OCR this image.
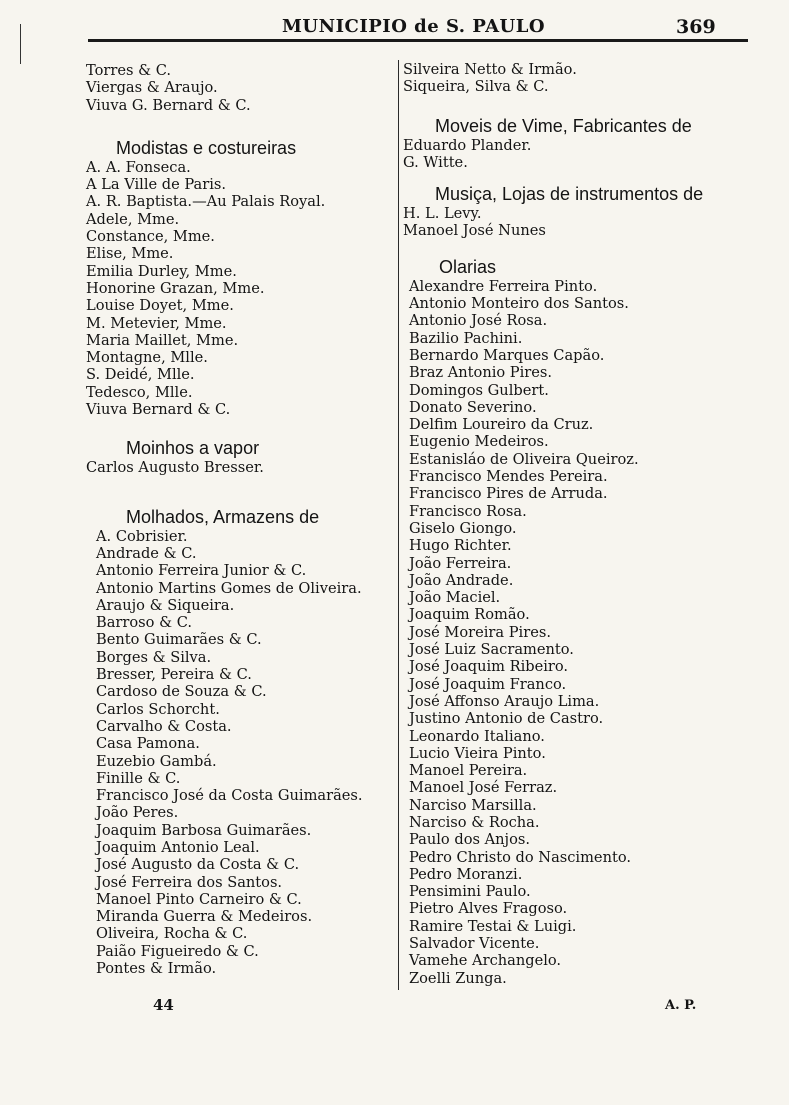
MUNICIPIO de S. PAULO	369
Torres & C.
Viergas & Araujo.
Viuva G. Bernard & C.
Modistas e costureiras
A. A. Fonseca.
A La Ville de Paris.
A. R. Baptista.—Au Palais Royal.
Adele, Mme.
Constance, Mme.
Elise, Mme.
Emilia Durley, Mme.
Honorine Grazan, Mme.
Louise Doyet, Mme.
M. Metevier, Mme.
Maria Maillet, Mme.
Montagne, Mlle.
S. Deidé, Mlle.
Tedesco, Mlle.
Viuva Bernard & C.
Moinhos a vapor
Carlos Augusto Bresser.
Molhados, Armazens de
A. Cobrisier.
Andrade & C.
Antonio Ferreira Junior & C.
Antonio Martins Gomes de Oliveira.
Araujo & Siqueira.
Barroso & C.
Bento Guimarães & C.
Borges & Silva.
Bresser, Pereira & C.
Cardoso de Souza & C.
Carlos Schorcht.
Carvalho & Costa.
Casa Pamona.
Euzebio Gambá.
Finille & C.
Francisco José da Costa Guimarães.
João Peres.
Joaquim Barbosa Guimarães.
Joaquim Antonio Leal.
José Augusto da Costa & C.
José Ferreira dos Santos.
Manoel Pinto Carneiro & C.
Miranda Guerra & Medeiros.
Oliveira, Rocha & C.
Paião Figueiredo & C.
Pontes & Irmão.
Silveira Netto & Irmão.
Siqueira, Silva & C.
Moveis de Vime, Fabricantes de
Eduardo Plander.
G. Witte.
Musiça, Lojas de instrumentos de
H. L. Levy.
Manoel José Nunes
Olarias
Alexandre Ferreira Pinto.
Antonio Monteiro dos Santos.
Antonio José Rosa.
Bazilio Pachini.
Bernardo Marques Capão.
Braz Antonio Pires.
Domingos Gulbert.
Donato Severino.
Delfim Loureiro da Cruz.
Eugenio Medeiros.
Estanisláo de Oliveira Queiroz.
Francisco Mendes Pereira.
Francisco Pires de Arruda.
Francisco Rosa.
Giselo Giongo.
Hugo Richter.
João Ferreira.
João Andrade.
João Maciel.
Joaquim Romão.
José Moreira Pires.
José Luiz Sacramento.
José Joaquim Ribeiro.
José Joaquim Franco.
José Affonso Araujo Lima.
Justino Antonio de Castro.
Leonardo Italiano.
Lucio Vieira Pinto.
Manoel Pereira.
Manoel José Ferraz.
Narciso Marsilla.
Narciso & Rocha.
Paulo dos Anjos.
Pedro Christo do Nascimento.
Pedro Moranzi.
Pensimini Paulo.
Pietro Alves Fragoso.
Ramire Testai & Luigi.
Salvador Vicente.
Vamehe Archangelo.
Zoelli Zunga.
44	A. P.
